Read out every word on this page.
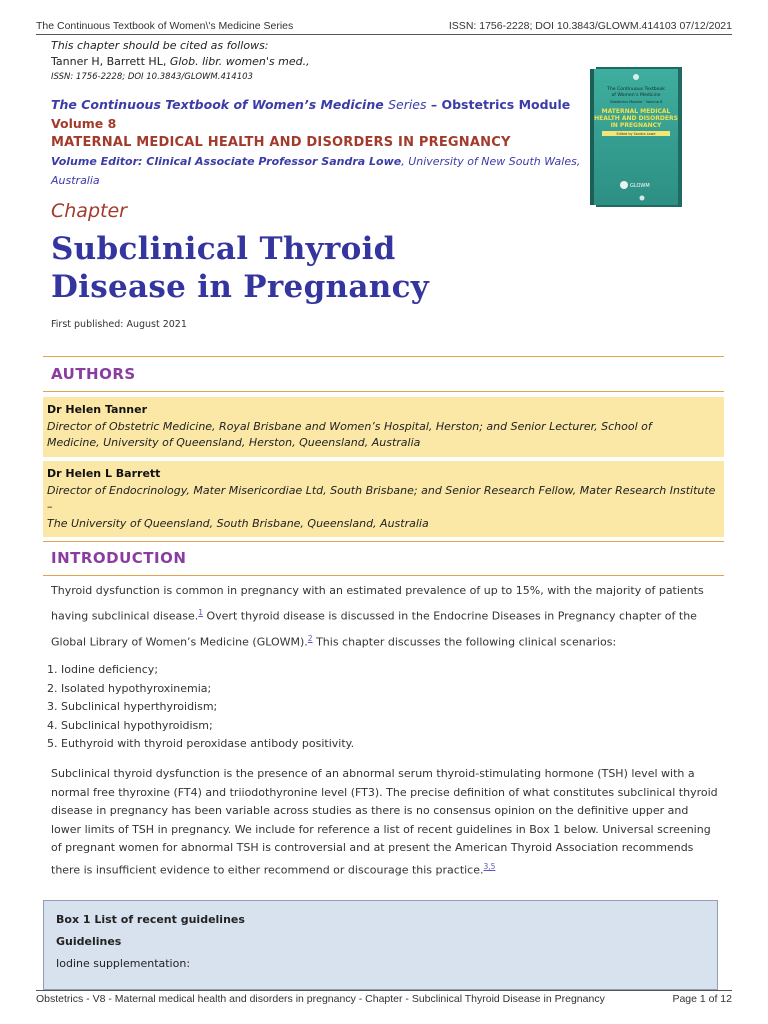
The Continuous Textbook of Women\'s Medicine Series	ISSN: 1756-2228; DOI 10.3843/GLOWM.414103 07/12/2021
This chapter should be cited as follows:
Tanner H, Barrett HL, Glob. libr. women's med.,
ISSN: 1756-2228; DOI 10.3843/GLOWM.414103
The Continuous Textbook of Women’s Medicine Series – Obstetrics Module
Volume 8
MATERNAL MEDICAL HEALTH AND DISORDERS IN PREGNANCY
Volume Editor: Clinical Associate Professor Sandra Lowe, University of New South Wales, Australia
The Continuous Textbook
of Women’s Medicine
Obstetrics Module · Volume 8
MATERNAL MEDICAL
HEALTH AND DISORDERS
IN PREGNANCY
Edited by Sandra Lowe
GLOWM
Chapter
Subclinical Thyroid
Disease in Pregnancy
First published: August 2021
AUTHORS
Dr Helen Tanner
Director of Obstetric Medicine, Royal Brisbane and Women’s Hospital, Herston; and Senior Lecturer, School of
Medicine, University of Queensland, Herston, Queensland, Australia
Dr Helen L Barrett
Director of Endocrinology, Mater Misericordiae Ltd, South Brisbane; and Senior Research Fellow, Mater Research Institute –
The University of Queensland, South Brisbane, Queensland, Australia
INTRODUCTION
Thyroid dysfunction is common in pregnancy with an estimated prevalence of up to 15%, with the majority of patients
having subclinical disease.$^1$ Overt thyroid disease is discussed in the Endocrine Diseases in Pregnancy chapter of the
Global Library of Women’s Medicine (GLOWM).$^2$ This chapter discusses the following clinical scenarios:
1. Iodine deficiency;
2. Isolated hypothyroxinemia;
3. Subclinical hyperthyroidism;
4. Subclinical hypothyroidism;
5. Euthyroid with thyroid peroxidase antibody positivity.
Subclinical thyroid dysfunction is the presence of an abnormal serum thyroid-stimulating hormone (TSH) level with a
normal free thyroxine (FT4) and triiodothyronine level (FT3). The precise definition of what constitutes subclinical thyroid
disease in pregnancy has been variable across studies as there is no consensus opinion on the definitive upper and
lower limits of TSH in pregnancy. We include for reference a list of recent guidelines in Box 1 below. Universal screening
of pregnant women for abnormal TSH is controversial and at present the American Thyroid Association recommends
there is insufficient evidence to either recommend or discourage this practice.$^{3,5}$
Box 1 List of recent guidelines
Guidelines
Iodine supplementation:
Obstetrics - V8 - Maternal medical health and disorders in pregnancy - Chapter - Subclinical Thyroid Disease in Pregnancy	Page 1 of 12
